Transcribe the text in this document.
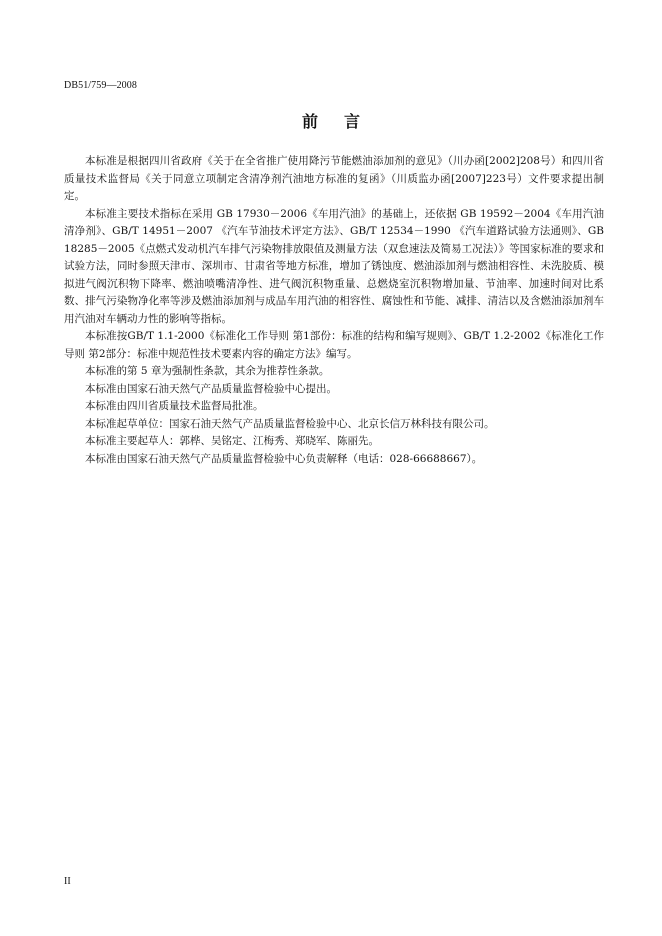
DB51/759—2008
前言

本标准是根据四川省政府《关于在全省推广使用降污节能燃油添加剂的意见》（川办函[2002]208号）和四川省质量技术监督局《关于同意立项制定含清净剂汽油地方标准的复函》（川质监办函[2007]223号）文件要求提出制定。

本标准主要技术指标在采用 GB 17930－2006《车用汽油》的基础上，还依据 GB 19592－2004《车用汽油清净剂》、GB/T 14951－2007 《汽车节油技术评定方法》、GB/T 12534－1990 《汽车道路试验方法通则》、GB 18285－2005《点燃式发动机汽车排气污染物排放限值及测量方法（双怠速法及简易工况法）》等国家标准的要求和试验方法，同时参照天津市、深圳市、甘肃省等地方标准，增加了锈蚀度、燃油添加剂与燃油相容性、未洗胶质、模拟进气阀沉积物下降率、燃油喷嘴清净性、进气阀沉积物重量、总燃烧室沉积物增加量、节油率、加速时间对比系数、排气污染物净化率等涉及燃油添加剂与成品车用汽油的相容性、腐蚀性和节能、减排、清洁以及含燃油添加剂车用汽油对车辆动力性的影响等指标。

本标准按GB/T 1.1-2000《标准化工作导则 第1部份：标准的结构和编写规则》、GB/T 1.2-2002《标准化工作导则 第2部分：标准中规范性技术要素内容的确定方法》编写。

本标准的第 5 章为强制性条款，其余为推荐性条款。

本标准由国家石油天然气产品质量监督检验中心提出。

本标准由四川省质量技术监督局批准。

本标准起草单位：国家石油天然气产品质量监督检验中心、北京长信万林科技有限公司。

本标准主要起草人：郭桦、吴铭定、江梅秀、郑晓军、陈丽先。

本标准由国家石油天然气产品质量监督检验中心负责解释（电话：028-66688667）。

II
